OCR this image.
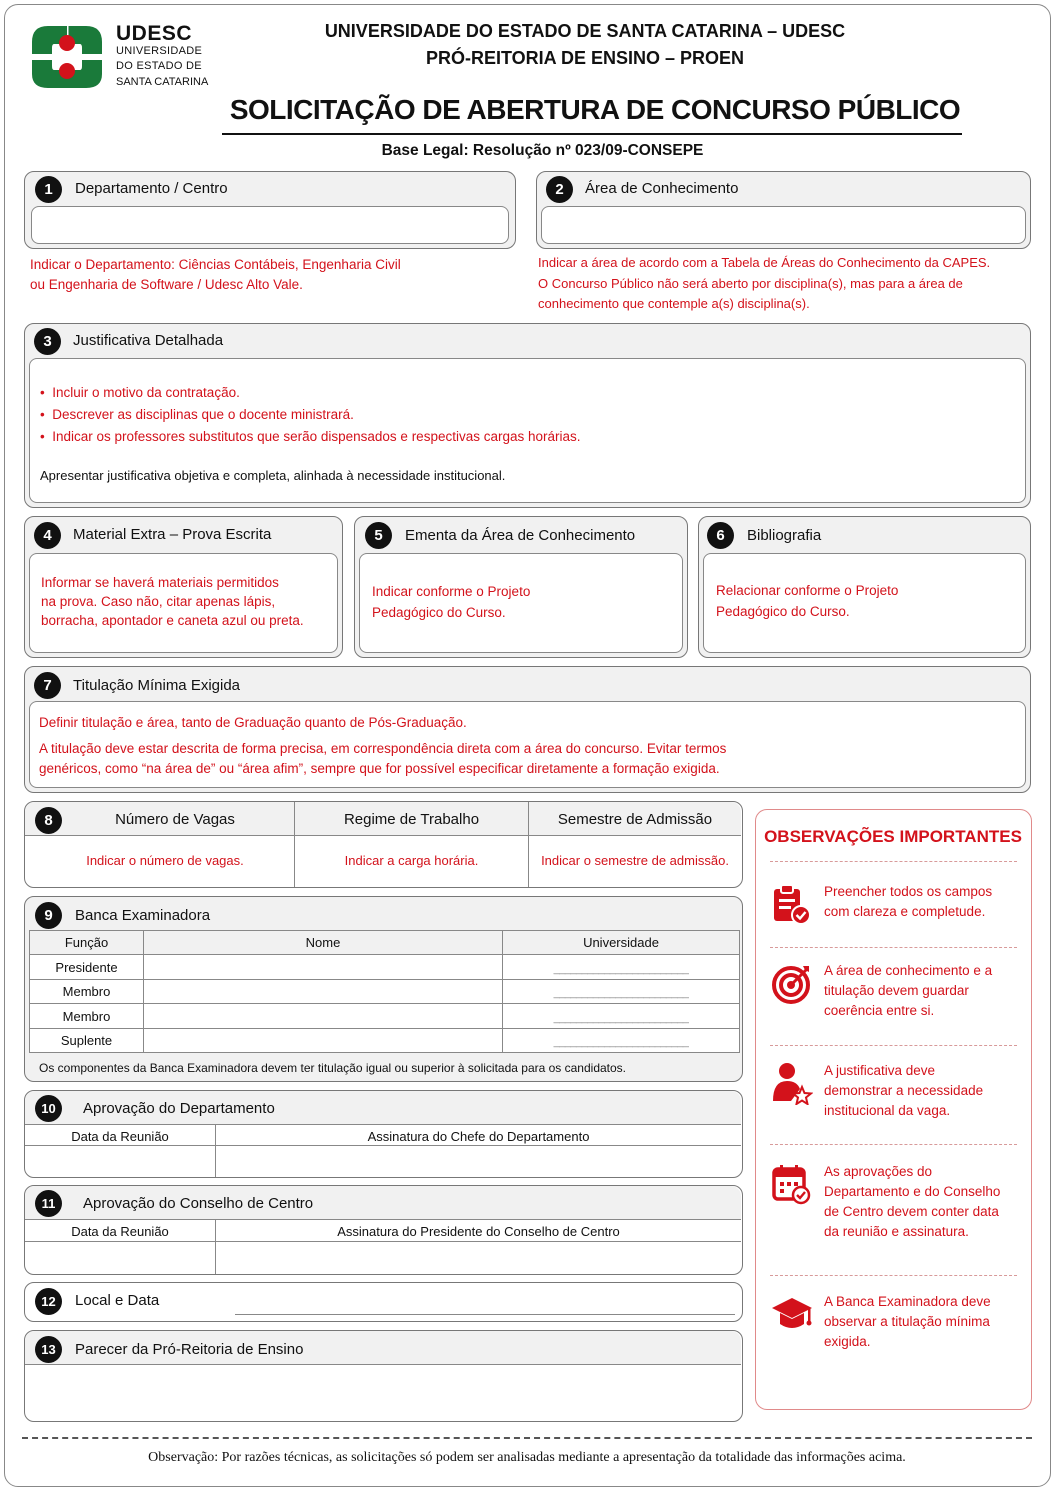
UDESC
UNIVERSIDADE
DO ESTADO DE
SANTA CATARINA
UNIVERSIDADE DO ESTADO DE SANTA CATARINA – UDESC
PRÓ-REITORIA DE ENSINO – PROEN
SOLICITAÇÃO DE ABERTURA DE CONCURSO PÚBLICO
Base Legal: Resolução nº 023/09-CONSEPE
1	Departamento / Centro
Indicar o Departamento: Ciências Contábeis, Engenharia Civil
ou Engenharia de Software / Udesc Alto Vale.
2	Área de Conhecimento
Indicar a área de acordo com a Tabela de Áreas do Conhecimento da CAPES.
O Concurso Público não será aberto por disciplina(s), mas para a área de
conhecimento que contemple a(s) disciplina(s).
3	Justificativa Detalhada
•  Incluir o motivo da contratação.
•  Descrever as disciplinas que o docente ministrará.
•  Indicar os professores substitutos que serão dispensados e respectivas cargas horárias.
Apresentar justificativa objetiva e completa, alinhada à necessidade institucional.
4	Material Extra – Prova Escrita
Informar se haverá materiais permitidos
na prova. Caso não, citar apenas lápis,
borracha, apontador e caneta azul ou preta.
5	Ementa da Área de Conhecimento
Indicar conforme o Projeto
Pedagógico do Curso.
6	Bibliografia
Relacionar conforme o Projeto
Pedagógico do Curso.
7	Titulação Mínima Exigida
Definir titulação e área, tanto de Graduação quanto de Pós-Graduação.
A titulação deve estar descrita de forma precisa, em correspondência direta com a área do concurso. Evitar termos
genéricos, como “na área de” ou “área afim”, sempre que for possível especificar diretamente a formação exigida.
8	Número de Vagas	Regime de Trabalho	Semestre de Admissão
Indicar o número de vagas.	Indicar a carga horária.	Indicar o semestre de admissão.
9	Banca Examinadora
Função	Nome	Universidade
Presidente		________________________
Membro		________________________
Membro		________________________
Suplente		________________________
Os componentes da Banca Examinadora devem ter titulação igual ou superior à solicitada para os candidatos.
10	Aprovação do Departamento
Data da Reunião	Assinatura do Chefe do Departamento
11	Aprovação do Conselho de Centro
Data da Reunião	Assinatura do Presidente do Conselho de Centro
12	Local e Data
13	Parecer da Pró-Reitoria de Ensino
OBSERVAÇÕES IMPORTANTES
Preencher todos os campos com clareza e completude.
A área de conhecimento e a titulação devem guardar coerência entre si.
A justificativa deve demonstrar a necessidade institucional da vaga.
As aprovações do Departamento e do Conselho de Centro devem conter data da reunião e assinatura.
A Banca Examinadora deve observar a titulação mínima exigida.
Observação: Por razões técnicas, as solicitações só podem ser analisadas mediante a apresentação da totalidade das informações acima.
